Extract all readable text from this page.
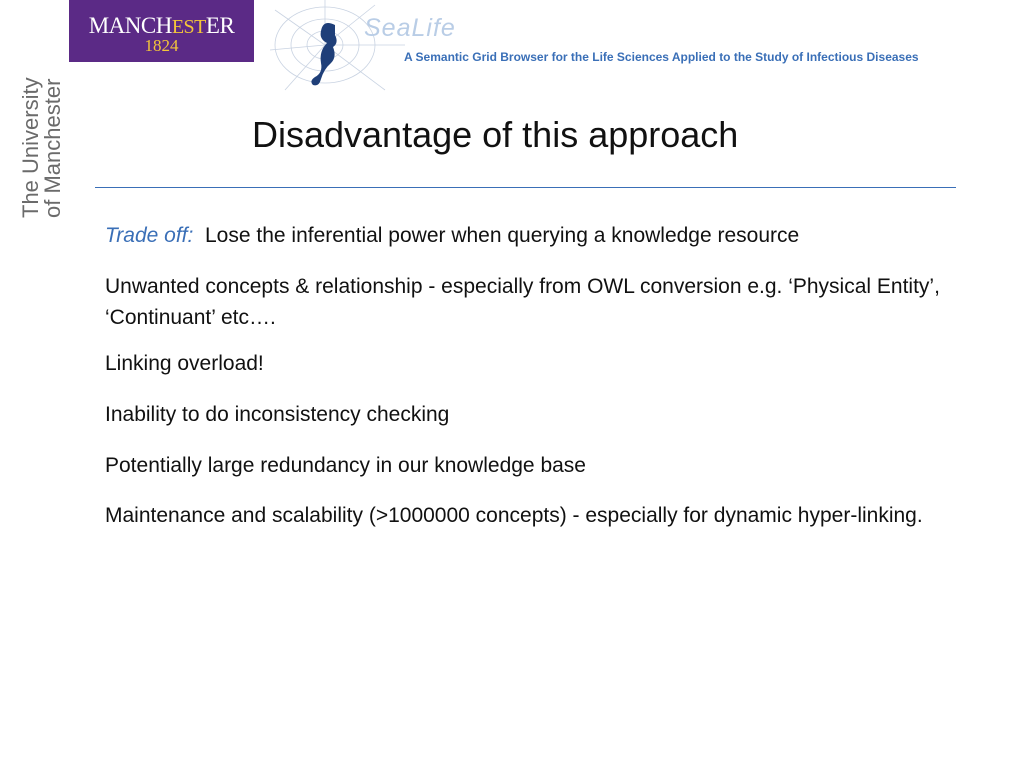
MANCHESTER
1824
The University
of Manchester
SeaLife
A Semantic Grid Browser for the Life Sciences Applied to the Study of Infectious Diseases
Disadvantage of this approach
Trade off: Lose the inferential power when querying a knowledge resource
Unwanted concepts & relationship - especially from OWL conversion e.g. ‘Physical Entity’, ‘Continuant’ etc….
Linking overload!
Inability to do inconsistency checking
Potentially large redundancy in our knowledge base
Maintenance and scalability (>1000000 concepts) - especially for dynamic hyper-linking.
